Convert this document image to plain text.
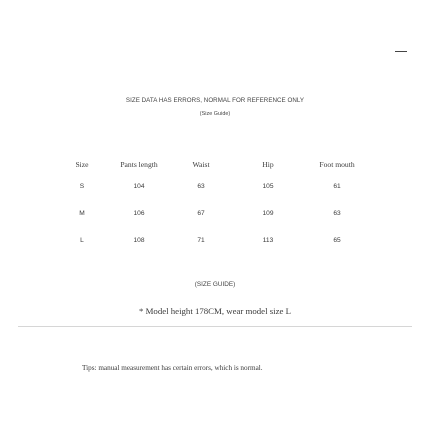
SIZE DATA HAS ERRORS, NORMAL FOR REFERENCE ONLY
(Size Guide)
Size	Pants length	Waist	Hip	Foot mouth
S	104	63	105	61
M	106	67	109	63
L	108	71	113	65
(SIZE GUIDE)
* Model height 178CM, wear model size L
Tips: manual measurement has certain errors, which is normal.
